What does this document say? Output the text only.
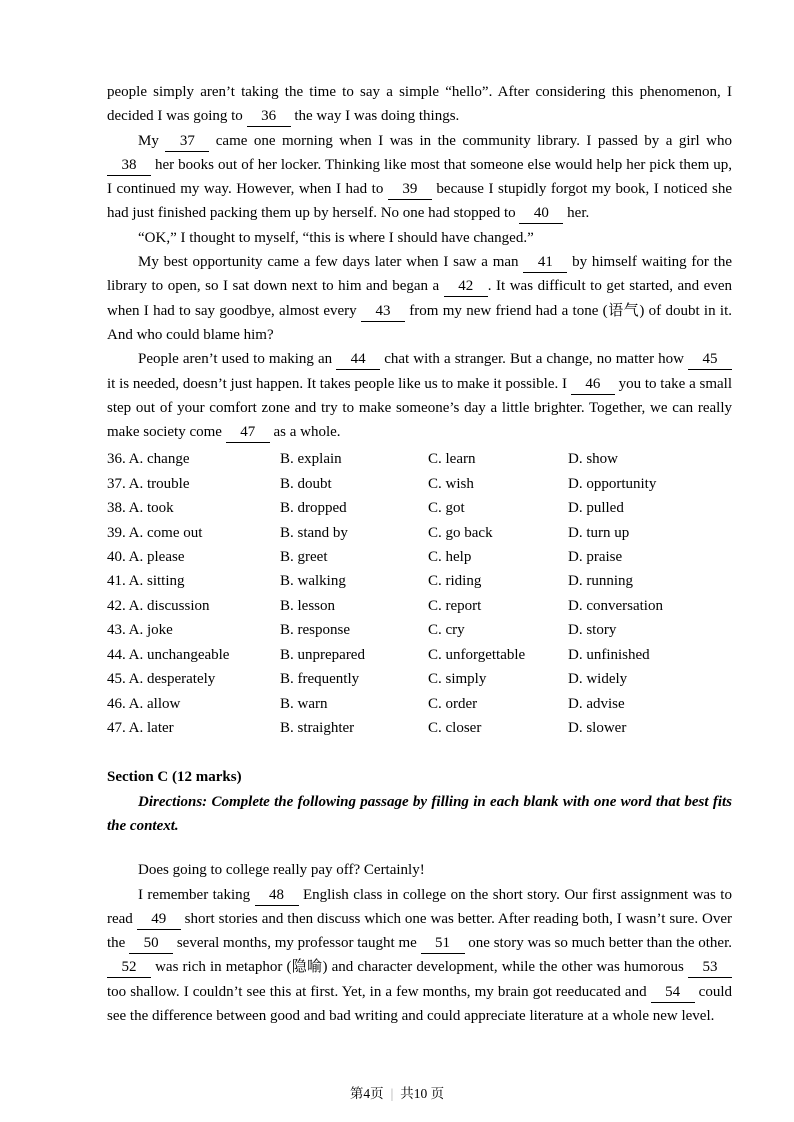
people simply aren’t taking the time to say a simple “hello”. After considering this phenomenon, I decided I was going to 36 the way I was doing things.

My 37 came one morning when I was in the community library. I passed by a girl who 38 her books out of her locker. Thinking like most that someone else would help her pick them up, I continued my way. However, when I had to 39 because I stupidly forgot my book, I noticed she had just finished packing them up by herself. No one had stopped to 40 her.

“OK,” I thought to myself, “this is where I should have changed.”

My best opportunity came a few days later when I saw a man 41 by himself waiting for the library to open, so I sat down next to him and began a 42 . It was difficult to get started, and even when I had to say goodbye, almost every 43 from my new friend had a tone (语气) of doubt in it. And who could blame him?

People aren’t used to making an 44 chat with a stranger. But a change, no matter how 45 it is needed, doesn’t just happen. It takes people like us to make it possible. I 46 you to take a small step out of your comfort zone and try to make someone’s day a little brighter. Together, we can really make society come 47 as a whole.

36. A. change	B. explain	C. learn	D. show
37. A. trouble	B. doubt	C. wish	D. opportunity
38. A. took	B. dropped	C. got	D. pulled
39. A. come out	B. stand by	C. go back	D. turn up
40. A. please	B. greet	C. help	D. praise
41. A. sitting	B. walking	C. riding	D. running
42. A. discussion	B. lesson	C. report	D. conversation
43. A. joke	B. response	C. cry	D. story
44. A. unchangeable	B. unprepared	C. unforgettable	D. unfinished
45. A. desperately	B. frequently	C. simply	D. widely
46. A. allow	B. warn	C. order	D. advise
47. A. later	B. straighter	C. closer	D. slower

Section C (12 marks)

Directions: Complete the following passage by filling in each blank with one word that best fits the context.

Does going to college really pay off? Certainly!

I remember taking 48 English class in college on the short story. Our first assignment was to read 49 short stories and then discuss which one was better. After reading both, I wasn’t sure. Over the 50 several months, my professor taught me 51 one story was so much better than the other. 52 was rich in metaphor (隐喻) and character development, while the other was humorous 53 too shallow. I couldn’t see this at first. Yet, in a few months, my brain got reeducated and 54 could see the difference between good and bad writing and could appreciate literature at a whole new level.

第4页 | 共10 页
